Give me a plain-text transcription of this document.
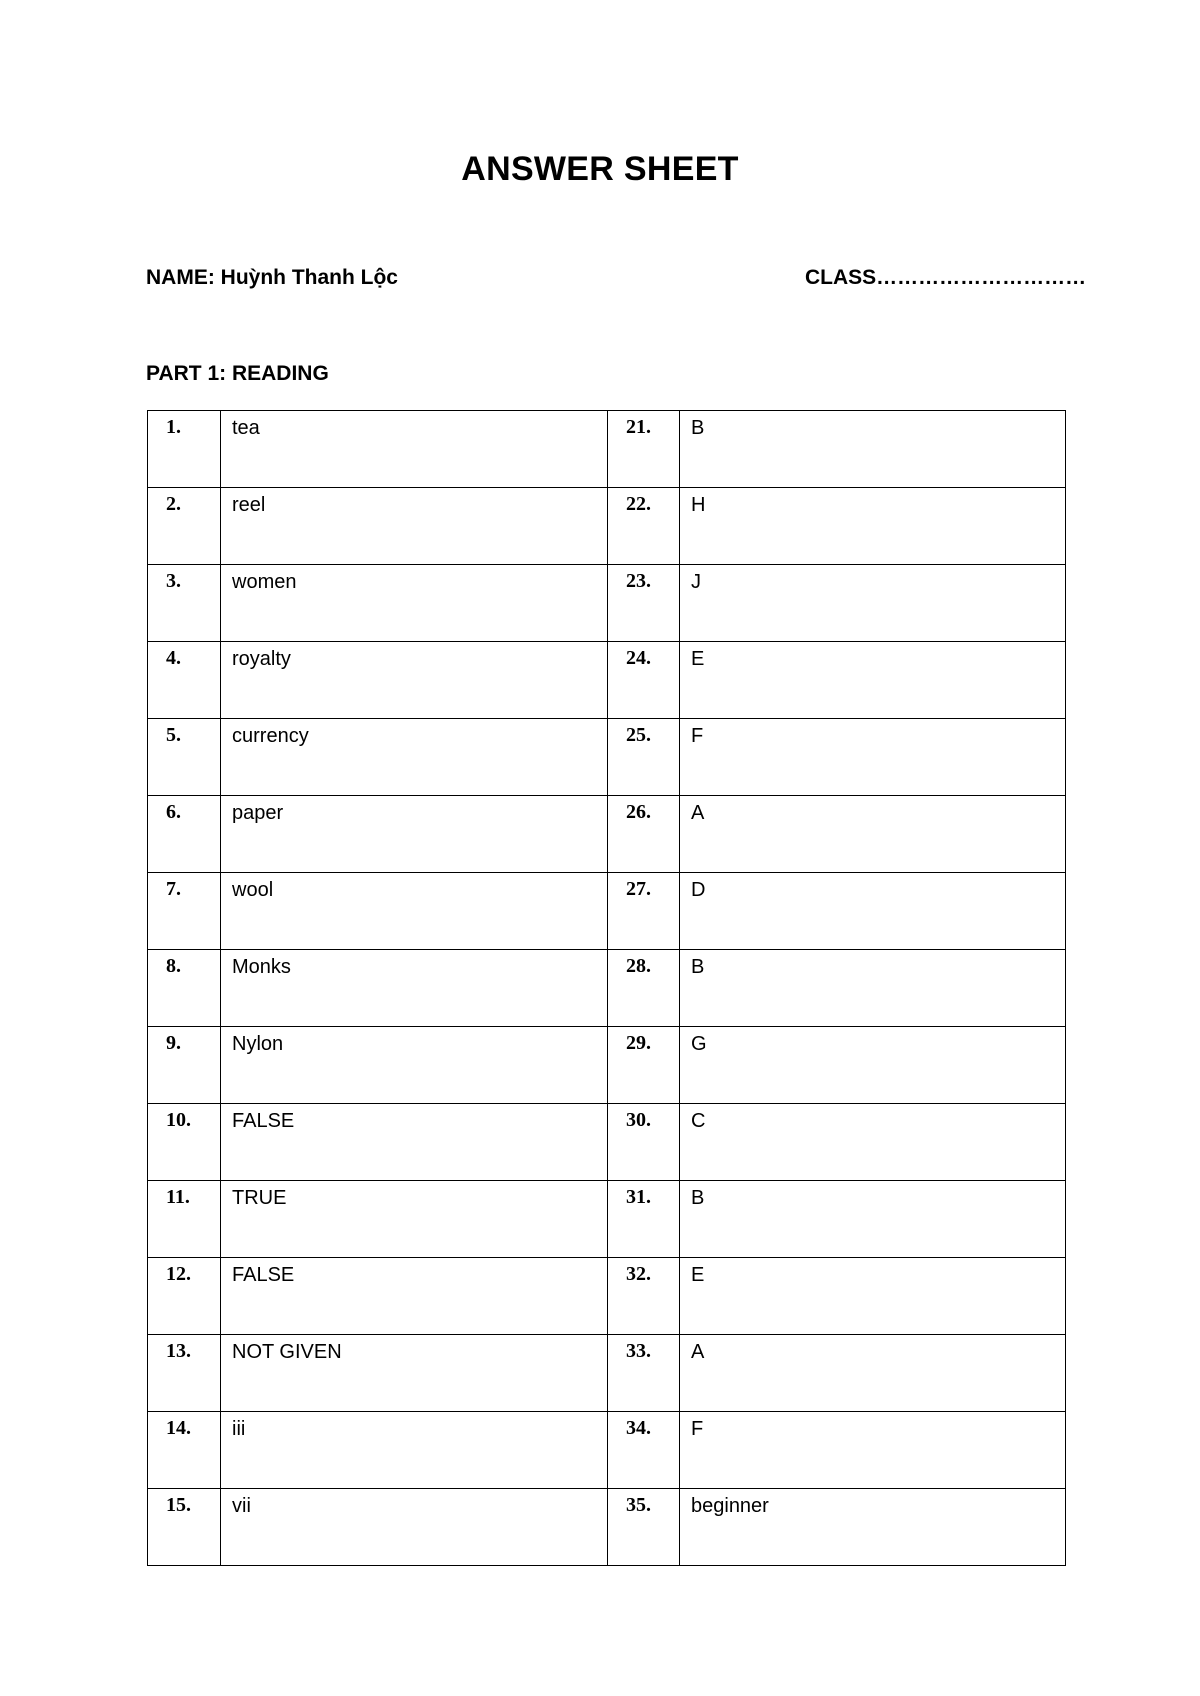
ANSWER SHEET
NAME: Huỳnh Thanh Lộc	CLASS…………………………
PART 1: READING
1.	tea	21.	B
2.	reel	22.	H
3.	women	23.	J
4.	royalty	24.	E
5.	currency	25.	F
6.	paper	26.	A
7.	wool	27.	D
8.	Monks	28.	B
9.	Nylon	29.	G
10.	FALSE	30.	C
11.	TRUE	31.	B
12.	FALSE	32.	E
13.	NOT GIVEN	33.	A
14.	iii	34.	F
15.	vii	35.	beginner
